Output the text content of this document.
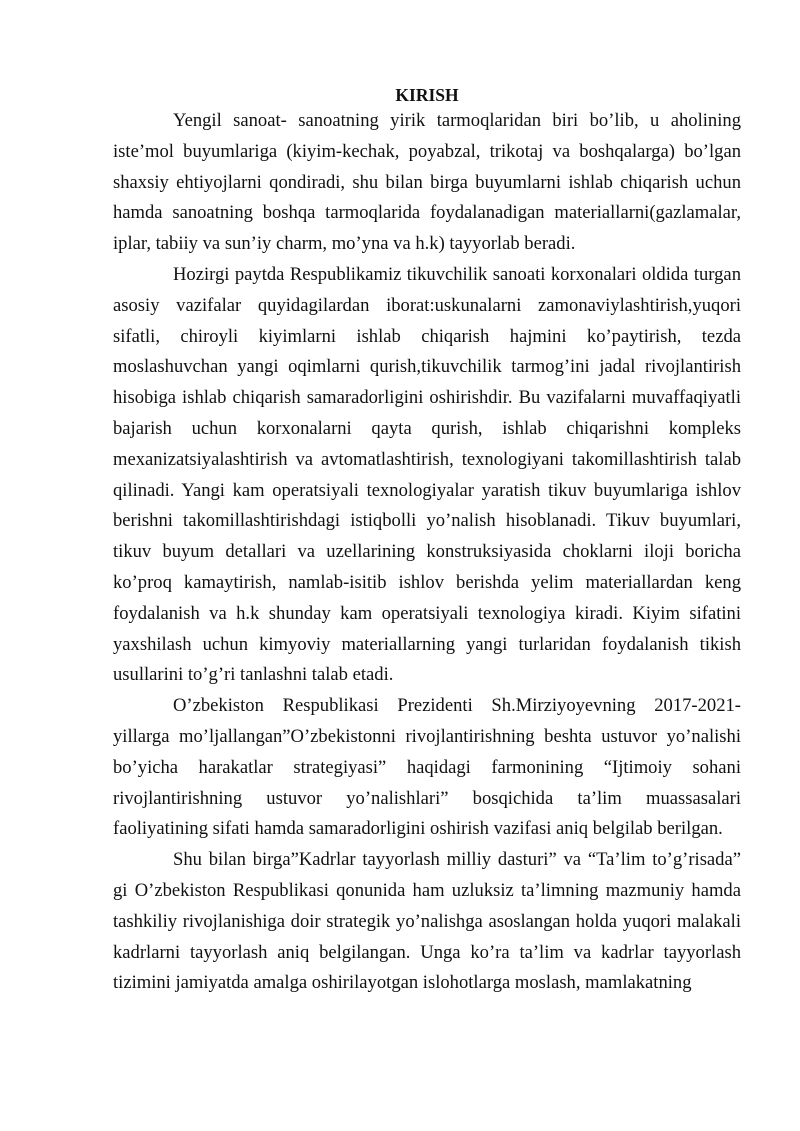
KIRISH

Yengil sanoat- sanoatning yirik tarmoqlaridan biri bo’lib, u aholining iste’mol buyumlariga (kiyim-kechak, poyabzal, trikotaj va boshqalarga) bo’lgan shaxsiy ehtiyojlarni qondiradi, shu bilan birga buyumlarni ishlab chiqarish uchun hamda sanoatning boshqa tarmoqlarida foydalanadigan materiallarni(gazlamalar, iplar, tabiiy va sun’iy charm, mo’yna va h.k) tayyorlab beradi.

Hozirgi paytda Respublikamiz tikuvchilik sanoati korxonalari oldida turgan asosiy vazifalar quyidagilardan iborat:uskunalarni zamonaviylashtirish,yuqori sifatli, chiroyli kiyimlarni ishlab chiqarish hajmini ko’paytirish, tezda moslashuvchan yangi oqimlarni qurish,tikuvchilik tarmog’ini jadal rivojlantirish hisobiga ishlab chiqarish samaradorligini oshirishdir. Bu vazifalarni muvaffaqiyatli bajarish uchun korxonalarni qayta qurish, ishlab chiqarishni kompleks mexanizatsiyalashtirish va avtomatlashtirish, texnologiyani takomillashtirish talab qilinadi. Yangi kam operatsiyali texnologiyalar yaratish tikuv buyumlariga ishlov berishni takomillashtirishdagi istiqbolli yo’nalish hisoblanadi. Tikuv buyumlari, tikuv buyum detallari va uzellarining konstruksiyasida choklarni iloji boricha ko’proq kamaytirish, namlab-isitib ishlov berishda yelim materiallardan keng foydalanish va h.k shunday kam operatsiyali texnologiya kiradi. Kiyim sifatini yaxshilash uchun kimyoviy materiallarning yangi turlaridan foydalanish tikish usullarini to’g’ri tanlashni talab etadi.

O’zbekiston Respublikasi Prezidenti Sh.Mirziyoyevning 2017-2021-yillarga mo’ljallangan”O’zbekistonni rivojlantirishning beshta ustuvor yo’nalishi bo’yicha harakatlar strategiyasi” haqidagi farmonining “Ijtimoiy sohani rivojlantirishning ustuvor yo’nalishlari” bosqichida ta’lim muassasalari faoliyatining sifati hamda samaradorligini oshirish vazifasi aniq belgilab berilgan.

Shu bilan birga”Kadrlar tayyorlash milliy dasturi” va “Ta’lim to’g’risada” gi O’zbekiston Respublikasi qonunida ham uzluksiz ta’limning mazmuniy hamda tashkiliy rivojlanishiga doir strategik yo’nalishga asoslangan holda yuqori malakali kadrlarni tayyorlash aniq belgilangan. Unga ko’ra ta’lim va kadrlar tayyorlash tizimini jamiyatda amalga oshirilayotgan islohotlarga moslash, mamlakatning
